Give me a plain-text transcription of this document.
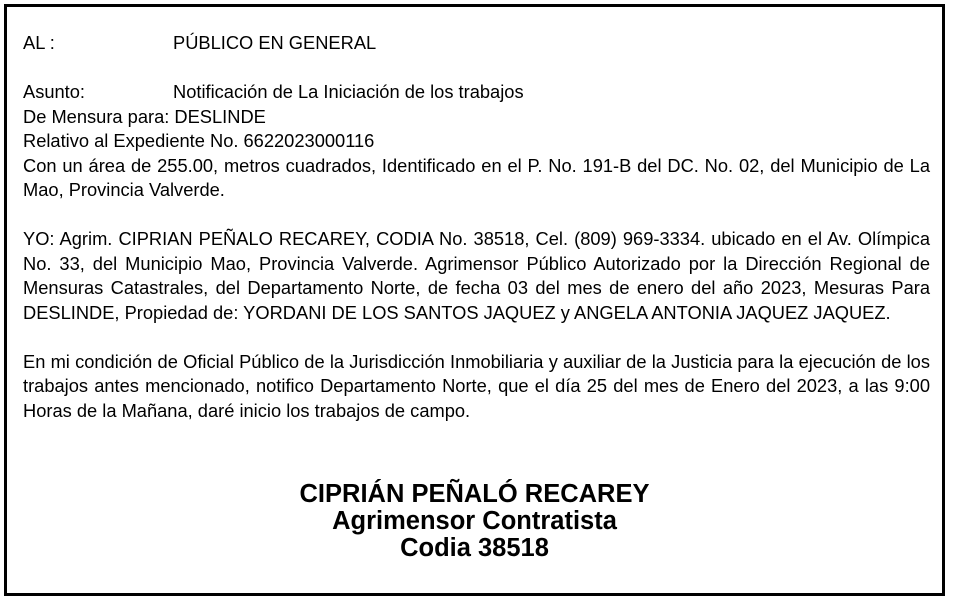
AL :	PÚBLICO EN GENERAL
Asunto:	Notificación de La Iniciación de los trabajos
De Mensura para: DESLINDE
Relativo al Expediente No. 6622023000116

Con un área de 255.00, metros cuadrados, Identificado en el P. No. 191-B del DC. No. 02, del Municipio de La Mao, Provincia Valverde.

YO: Agrim. CIPRIAN PEÑALO RECAREY, CODIA No. 38518, Cel. (809) 969-3334. ubicado en el Av. Olímpica No. 33, del Municipio Mao, Provincia Valverde. Agrimensor Público Autorizado por la Dirección Regional de Mensuras Catastrales, del Departamento Norte, de fecha 03 del mes de enero del año 2023, Mesuras Para DESLINDE, Propiedad de: YORDANI DE LOS SANTOS JAQUEZ y ANGELA ANTONIA JAQUEZ JAQUEZ.

En mi condición de Oficial Público de la Jurisdicción Inmobiliaria y auxiliar de la Justicia para la ejecución de los trabajos antes mencionado, notifico Departamento Norte, que el día 25 del mes de Enero del 2023, a las 9:00 Horas de la Mañana, daré inicio los trabajos de campo.

CIPRIÁN PEÑALÓ RECAREY
Agrimensor Contratista
Codia 38518
